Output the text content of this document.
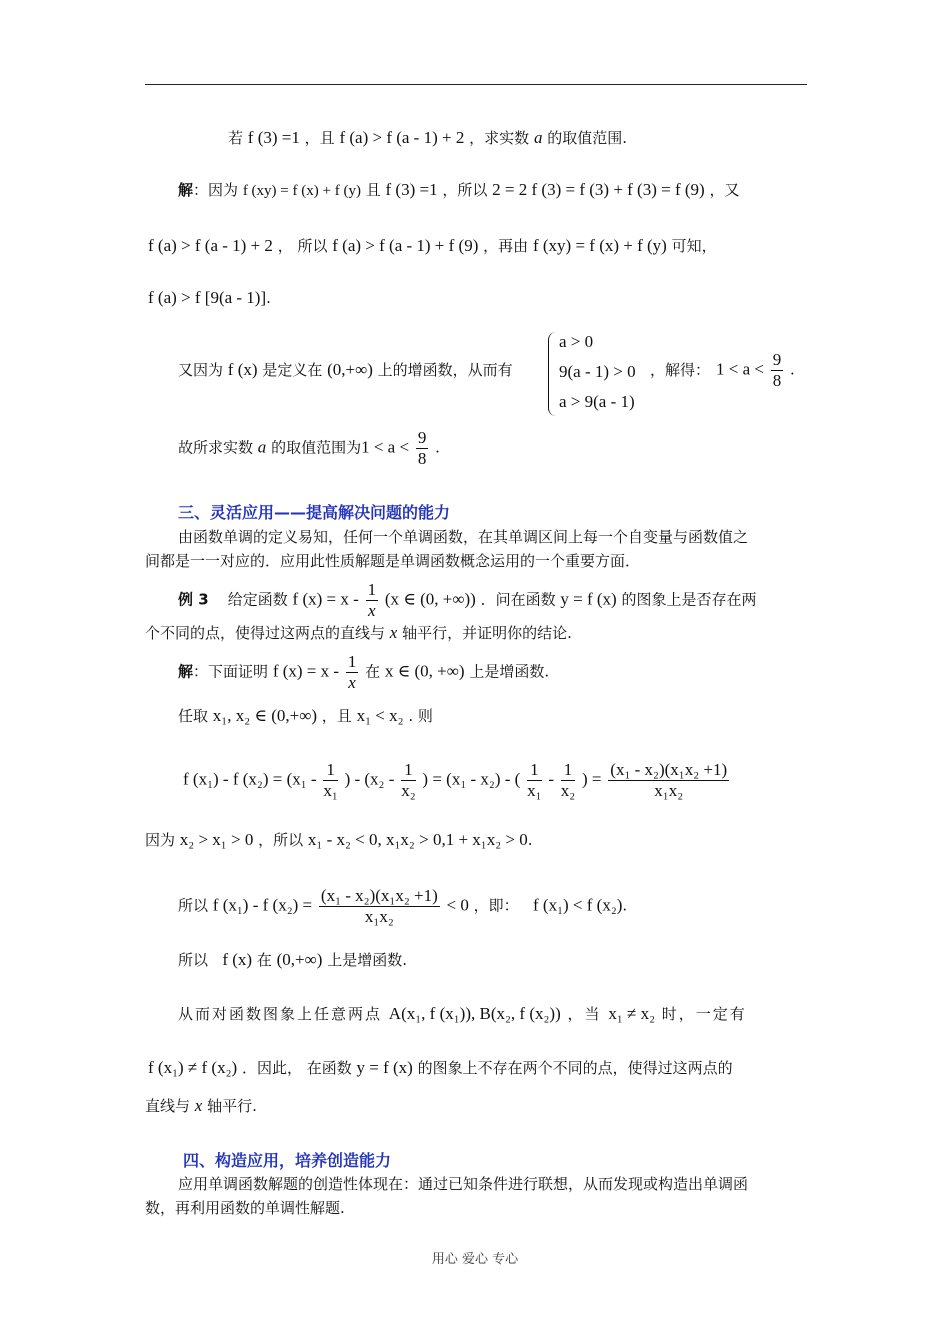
若 f (3) =1 ，且 f (a) > f (a - 1) + 2 ，求实数 a 的取值范围.
解：因为 f (xy) = f (x) + f (y) 且 f (3) =1 ，所以 2 = 2 f (3) = f (3) + f (3) = f (9) ，又
f (a) > f (a - 1) + 2 ， 所以 f (a) > f (a - 1) + f (9) ，再由 f (xy) = f (x) + f (y) 可知，
f (a) > f [9(a - 1)].
又因为 f (x) 是定义在 (0,+∞) 上的增函数，从而有
a > 0
9(a - 1) > 0
a > 9(a - 1)
，解得： $1 < a < \frac{9}{8}$ .
故所求实数 a 的取值范围为$1 < a < \frac{9}{8}$ .
三、灵活应用——提高解决问题的能力
由函数单调的定义易知，任何一个单调函数，在其单调区间上每一个自变量与函数值之
间都是一一对应的．应用此性质解题是单调函数概念运用的一个重要方面．
例 3 给定函数 f $(x) = x - \frac{1}{x} (x$ ∈ (0, +∞)) ．问在函数 y = f (x) 的图象上是否存在两
个不同的点，使得过这两点的直线与 x 轴平行，并证明你的结论.
解：下面证明 f $(x) = x - \frac{1}{x}$ 在 x ∈ (0, +∞) 上是增函数.
任取 x₁, x₂ ∈ (0,+∞) ，且 x₁ < x₂ . 则
f (x₁) - f $(x_2) = (x_1 - \frac{1}{\text{x₁}}$ ) - ($x_2 - \frac{1}{\text{x₂}}$ ) = (x₁ - x₂) - ( $\frac{1}{\text{x₁}} - \frac{1}{\text{x₂}}$ ) = $\frac{\text{(x₁ - x₂)(x₁x₂ +1)}}{\text{x₁x₂}}$
因为 x₂ > x₁ > 0 ，所以 x₁ - x₂ < 0, x₁x₂ > 0,1 + x₁x₂ > 0.
所以 f (x₁) - f $(x_2) = \frac{\text{(x₁ - x₂)(x₁x₂ +1)}}{\text{x₁x₂}} < 0$ ，即： f (x₁) < f (x₂).
所以 f (x) 在 (0,+∞) 上是增函数.
从而对函数图象上任意两点 A(x₁, f (x₁)), B(x₂, f (x₂)) ，当 x₁ ≠ x₂ 时，一定有
f (x₁) ≠ f (x₂) ．因此， 在函数 y = f (x) 的图象上不存在两个不同的点，使得过这两点的
直线与 x 轴平行.
四、构造应用，培养创造能力
应用单调函数解题的创造性体现在：通过已知条件进行联想，从而发现或构造出单调函
数，再利用函数的单调性解题.
用心 爱心 专心
